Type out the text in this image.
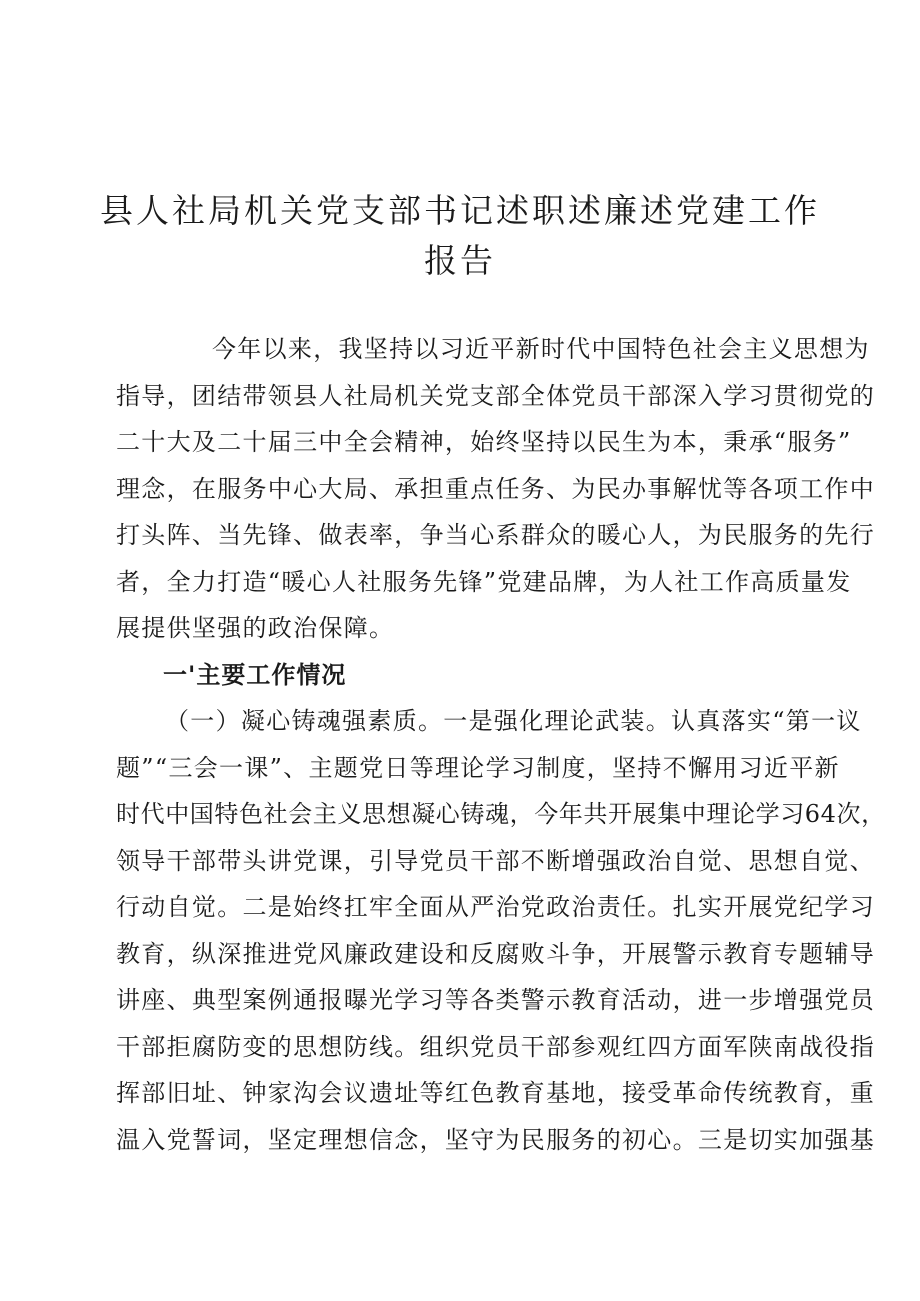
县人社局机关党支部书记述职述廉述党建工作
报告
今年以来，我坚持以习近平新时代中国特色社会主义思想为
指导，团结带领县人社局机关党支部全体党员干部深入学习贯彻党的
二十大及二十届三中全会精神，始终坚持以民生为本，秉承“服务”
理念，在服务中心大局、承担重点任务、为民办事解忧等各项工作中
打头阵、当先锋、做表率，争当心系群众的暖心人，为民服务的先行
者，全力打造“暖心人社服务先锋”党建品牌，为人社工作高质量发
展提供坚强的政治保障。
一'主要工作情况
（一）凝心铸魂强素质。一是强化理论武装。认真落实“第一议
题”“三会一课”、主题党日等理论学习制度，坚持不懈用习近平新
时代中国特色社会主义思想凝心铸魂，今年共开展集中理论学习64次，
领导干部带头讲党课，引导党员干部不断增强政治自觉、思想自觉、
行动自觉。二是始终扛牢全面从严治党政治责任。扎实开展党纪学习
教育，纵深推进党风廉政建设和反腐败斗争，开展警示教育专题辅导
讲座、典型案例通报曝光学习等各类警示教育活动，进一步增强党员
干部拒腐防变的思想防线。组织党员干部参观红四方面军陕南战役指
挥部旧址、钟家沟会议遗址等红色教育基地，接受革命传统教育，重
温入党誓词，坚定理想信念，坚守为民服务的初心。三是切实加强基
